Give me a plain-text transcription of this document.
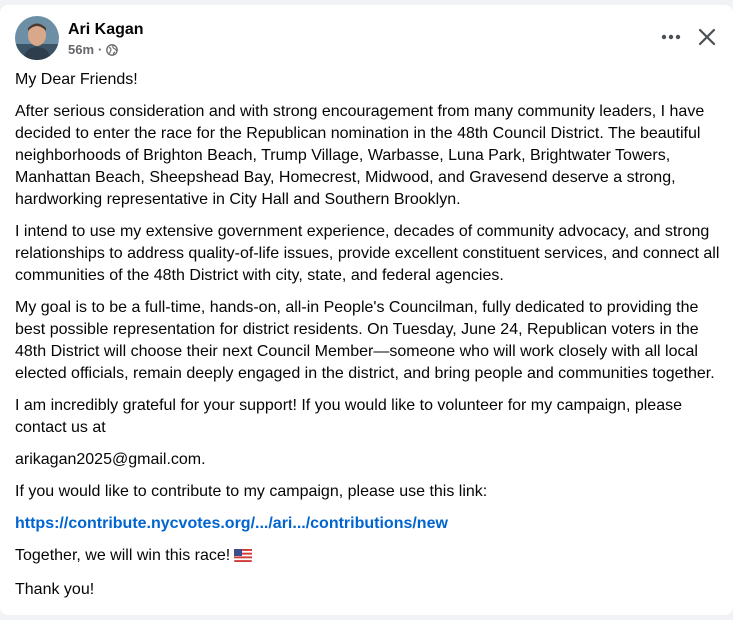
Ari Kagan
56m ·

My Dear Friends!

After serious consideration and with strong encouragement from many community leaders, I have decided to enter the race for the Republican nomination in the 48th Council District. The beautiful neighborhoods of Brighton Beach, Trump Village, Warbasse, Luna Park, Brightwater Towers, Manhattan Beach, Sheepshead Bay, Homecrest, Midwood, and Gravesend deserve a strong, hardworking representative in City Hall and Southern Brooklyn.

I intend to use my extensive government experience, decades of community advocacy, and strong relationships to address quality-of-life issues, provide excellent constituent services, and connect all communities of the 48th District with city, state, and federal agencies.

My goal is to be a full-time, hands-on, all-in People's Councilman, fully dedicated to providing the best possible representation for district residents. On Tuesday, June 24, Republican voters in the 48th District will choose their next Council Member—someone who will work closely with all local elected officials, remain deeply engaged in the district, and bring people and communities together.

I am incredibly grateful for your support! If you would like to volunteer for my campaign, please contact us at

arikagan2025@gmail.com.

If you would like to contribute to my campaign, please use this link:

https://contribute.nycvotes.org/.../ari.../contributions/new

Together, we will win this race!

Thank you!
